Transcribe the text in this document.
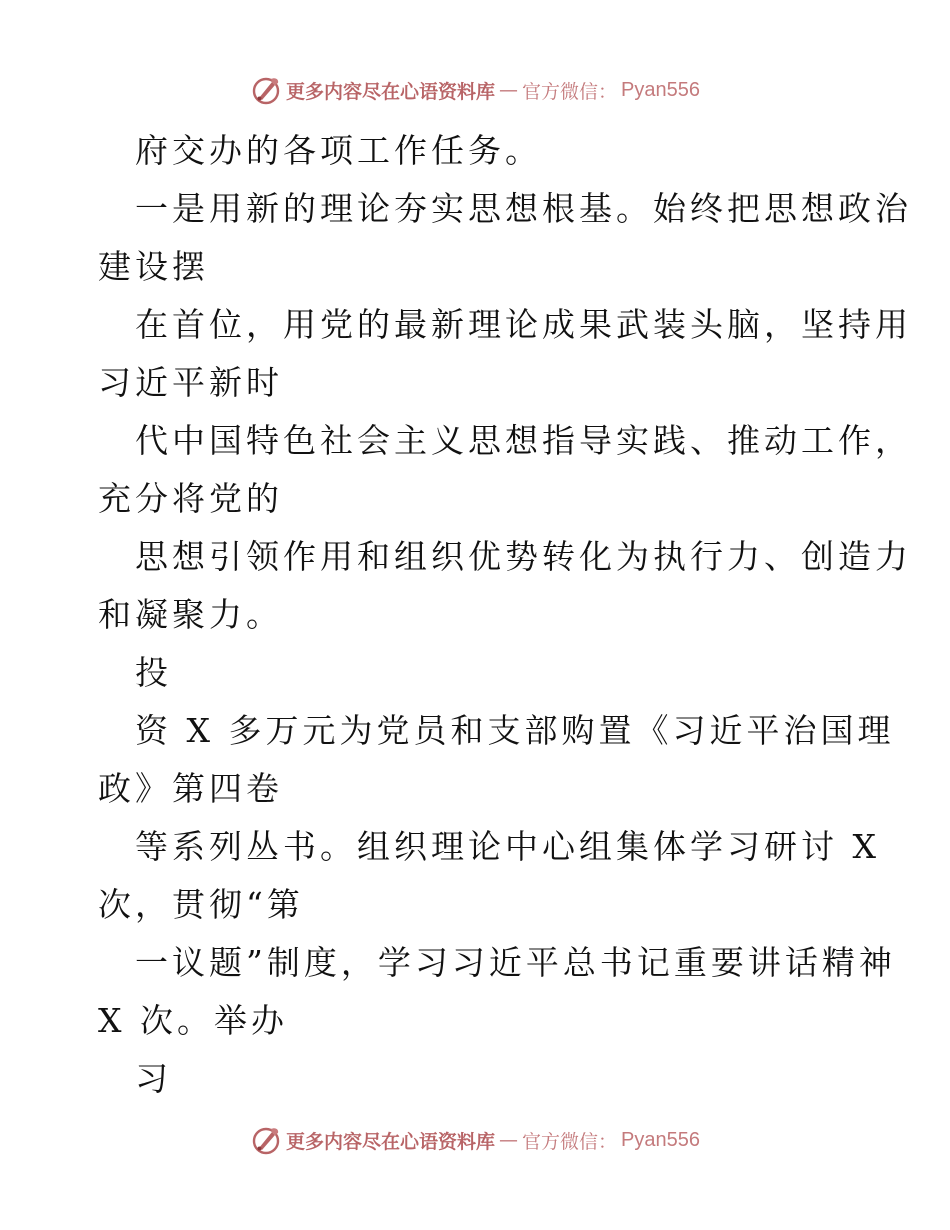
更多内容尽在心语资料库 — 官方微信： Pyan556
府交办的各项工作任务。
一是用新的理论夯实思想根基。始终把思想政治
建设摆
在首位，用党的最新理论成果武装头脑，坚持用
习近平新时
代中国特色社会主义思想指导实践、推动工作，
充分将党的
思想引领作用和组织优势转化为执行力、创造力
和凝聚力。
投
资 X 多万元为党员和支部购置《习近平治国理
政》第四卷
等系列丛书。组织理论中心组集体学习研讨 X
次，贯彻“第
一议题”制度，学习习近平总书记重要讲话精神
X 次。举办
习
更多内容尽在心语资料库 — 官方微信： Pyan556
